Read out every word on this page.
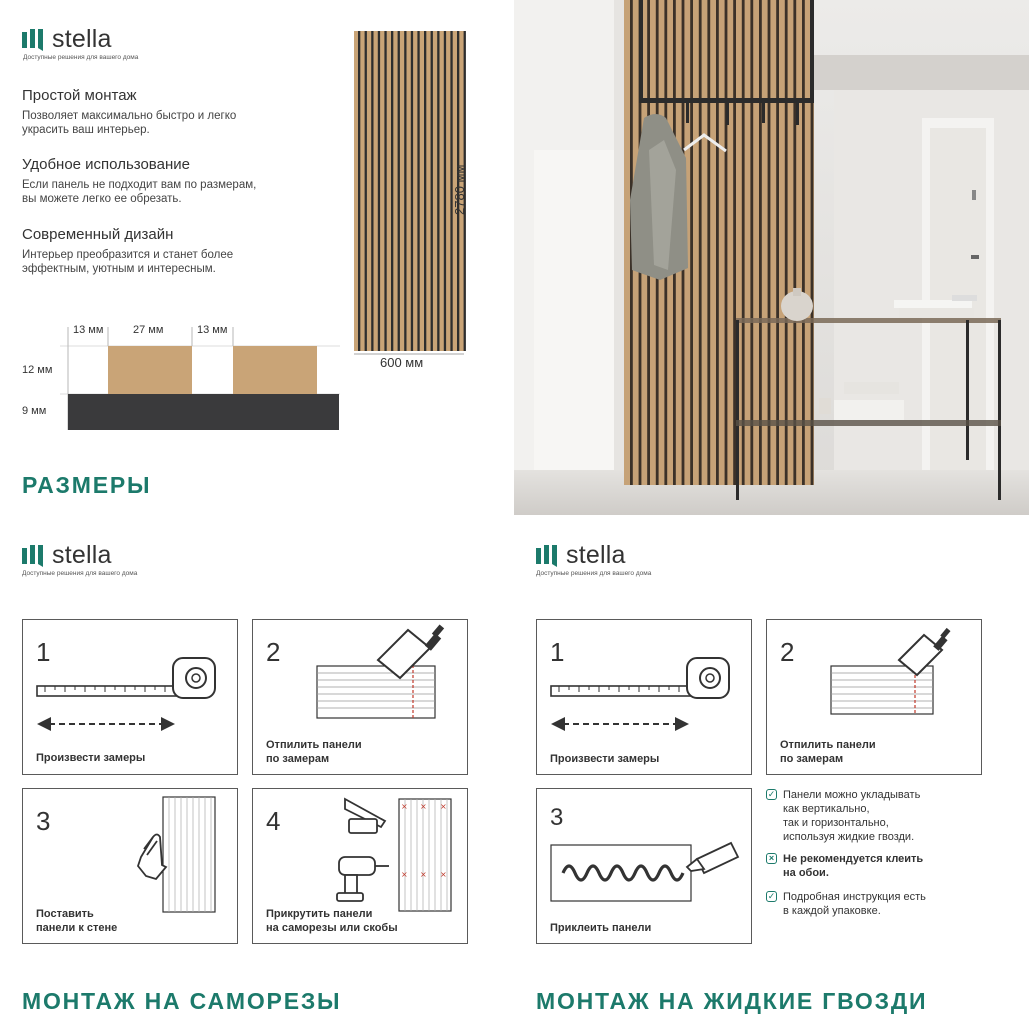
stella
Доступные решения для вашего дома
Простой монтаж
Позволяет максимально быстро и легко
украсить ваш интерьер.
Удобное использование
Если панель не подходит вам по размерам,
вы можете легко ее обрезать.
Современный дизайн
Интерьер преобразится и станет более
эффектным, уютным и интересным.
13 мм	27 мм	13 мм
12 мм
9 мм
600 мм
2780 мм
РАЗМЕРЫ
stella
Доступные решения для вашего дома
1
Произвести замеры
2
Отпилить панели
по замерам
3
Поставить
панели к стене
4	× × ×
× × ×
Прикрутить панели
на саморезы или скобы
МОНТАЖ НА САМОРЕЗЫ
stella
Доступные решения для вашего дома
1
Произвести замеры
2
Отпилить панели
по замерам
3
Приклеить панели
✓ Панели можно укладывать
как вертикально,
так и горизонтально,
используя жидкие гвозди.
× Не рекомендуется клеить
на обои.
✓ Подробная инструкция есть
в каждой упаковке.
МОНТАЖ НА ЖИДКИЕ ГВОЗДИ
